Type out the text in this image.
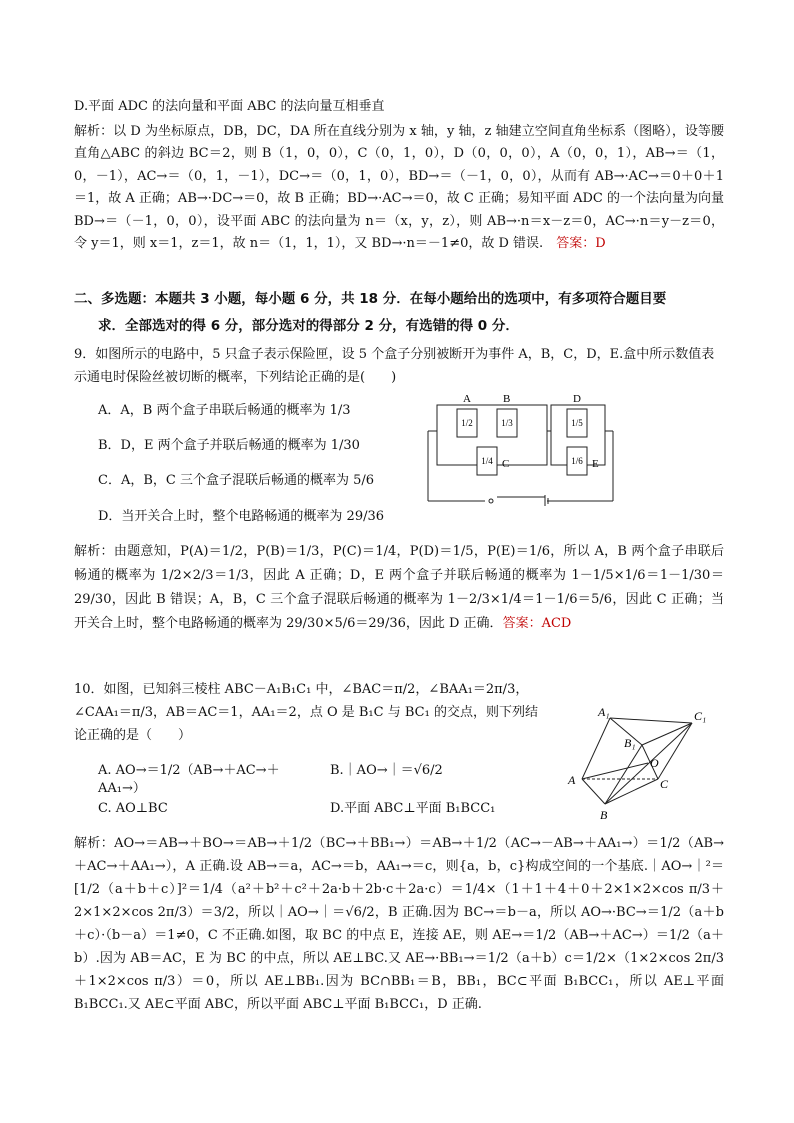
D.平面 ADC 的法向量和平面 ABC 的法向量互相垂直
解析：以 D 为坐标原点，DB，DC，DA 所在直线分别为 x 轴，y 轴，z 轴建立空间直角坐标系（图略），设等腰直角△ABC 的斜边 BC＝2，则 B（1，0，0），C（0，1，0），D（0，0，0），A（0，0，1），AB→＝（1，0，－1），AC→＝（0，1，－1），DC→＝（0，1，0），BD→＝（－1，0，0），从而有 AB→·AC→＝0＋0＋1＝1，故 A 正确；AB→·DC→＝0，故 B 正确；BD→·AC→＝0，故 C 正确；易知平面 ADC 的一个法向量为向量 BD→＝（－1，0，0），设平面 ABC 的法向量为 n＝（x，y，z），则 AB→·n＝x－z＝0，AC→·n＝y－z＝0，令 y＝1，则 x＝1，z＝1，故 n＝（1，1，1），又 BD→·n＝－1≠0，故 D 错误.　 答案：D
二、多选题：本题共 3 小题，每小题 6 分，共 18 分．在每小题给出的选项中，有多项符合题目要
求．全部选对的得 6 分，部分选对的得部分 2 分，有选错的得 0 分．
9．如图所示的电路中，5 只盒子表示保险匣，设 5 个盒子分别被断开为事件 A，B，C，D，E.盒中所示数值表示通电时保险丝被切断的概率，下列结论正确的是(　　)
A．A，B 两个盒子串联后畅通的概率为 1/3
B．D，E 两个盒子并联后畅通的概率为 1/30
C．A，B，C 三个盒子混联后畅通的概率为 5/6
D．当开关合上时，整个电路畅通的概率为 29/36
A	B
C
D
E
1/2	1/3
1/4
1/5
1/6
解析：由题意知，P(A)＝1/2，P(B)＝1/3，P(C)＝1/4，P(D)＝1/5，P(E)＝1/6，所以 A，B 两个盒子串联后畅通的概率为 1/2×2/3＝1/3，因此 A 正确；D，E 两个盒子并联后畅通的概率为 1－1/5×1/6＝1－1/30＝29/30，因此 B 错误；A，B，C 三个盒子混联后畅通的概率为 1－2/3×1/4＝1－1/6＝5/6，因此 C 正确；当开关合上时，整个电路畅通的概率为 29/30×5/6＝29/36，因此 D 正确．答案：ACD
10．如图，已知斜三棱柱 ABC－A₁B₁C₁ 中，∠BAC＝π/2，∠BAA₁＝2π/3，∠CAA₁＝π/3，AB＝AC＝1，AA₁＝2，点 O 是 B₁C 与 BC₁ 的交点，则下列结论正确的是（　　）
A. AO→＝1/2（AB→＋AC→＋AA₁→）
B.｜AO→｜＝√6/2
C. AO⊥BC	D.平面 ABC⊥平面 B₁BCC₁
A₁	C₁
B₁
O
A	C
B
解析：AO→＝AB→＋BO→＝AB→＋1/2（BC→＋BB₁→）＝AB→＋1/2（AC→－AB→＋AA₁→）＝1/2（AB→＋AC→＋AA₁→），A 正确.设 AB→＝a，AC→＝b，AA₁→＝c，则{a，b，c}构成空间的一个基底.｜AO→｜²＝[1/2（a＋b＋c）]²＝1/4（a²＋b²＋c²＋2a·b＋2b·c＋2a·c）＝1/4×（1＋1＋4＋0＋2×1×2×cos π/3＋2×1×2×cos 2π/3）＝3/2，所以｜AO→｜＝√6/2，B 正确.因为 BC→＝b－a，所以 AO→·BC→＝1/2（a＋b＋c）·（b－a）＝1≠0，C 不正确.如图，取 BC 的中点 E，连接 AE，则 AE→＝1/2（AB→＋AC→）＝1/2（a＋b）.因为 AB＝AC，E 为 BC 的中点，所以 AE⊥BC.又 AE→·BB₁→＝1/2（a＋b）c＝1/2×（1×2×cos 2π/3＋1×2×cos π/3）＝0，所以 AE⊥BB₁.因为 BC∩BB₁＝B，BB₁，BC⊂平面 B₁BCC₁，所以 AE⊥平面 B₁BCC₁.又 AE⊂平面 ABC，所以平面 ABC⊥平面 B₁BCC₁，D 正确.
